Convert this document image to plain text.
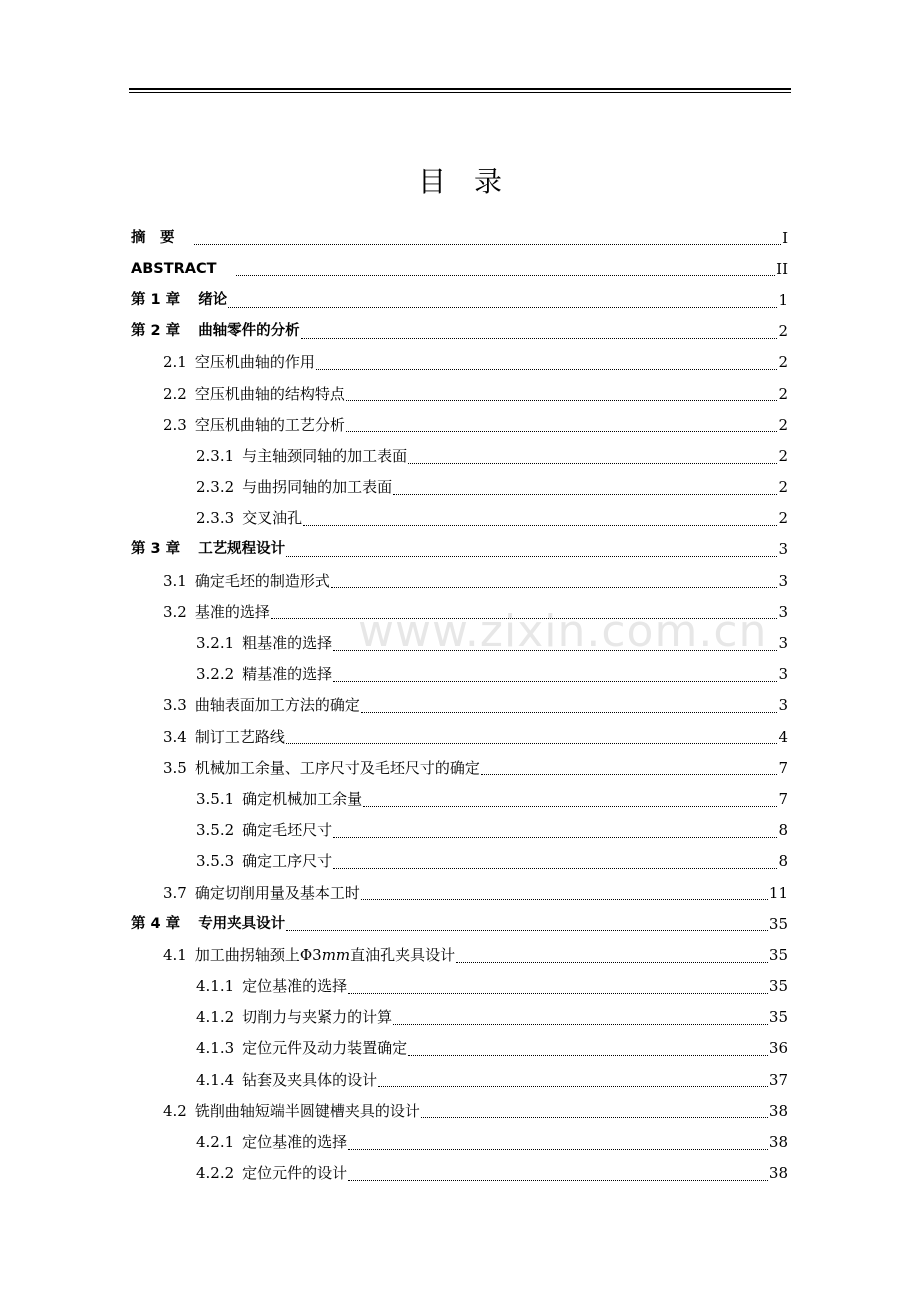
目 录
www.zixin.com.cn
摘　要	I
ABSTRACT	II
第 1 章	绪论	1
第 2 章	曲轴零件的分析	2
2.1 空压机曲轴的作用	2
2.2 空压机曲轴的结构特点	2
2.3 空压机曲轴的工艺分析	2
2.3.1 与主轴颈同轴的加工表面	2
2.3.2 与曲拐同轴的加工表面	2
2.3.3 交叉油孔	2
第 3 章	工艺规程设计	3
3.1 确定毛坯的制造形式	3
3.2 基准的选择	3
3.2.1 粗基准的选择	3
3.2.2 精基准的选择	3
3.3 曲轴表面加工方法的确定	3
3.4 制订工艺路线	4
3.5 机械加工余量、工序尺寸及毛坯尺寸的确定	7
3.5.1 确定机械加工余量	7
3.5.2 确定毛坯尺寸	8
3.5.3 确定工序尺寸	8
3.7 确定切削用量及基本工时	11
第 4 章	专用夹具设计	35
4.1 加工曲拐轴颈上Φ3mm直油孔夹具设计	35
4.1.1 定位基准的选择	35
4.1.2 切削力与夹紧力的计算	35
4.1.3 定位元件及动力装置确定	36
4.1.4 钻套及夹具体的设计	37
4.2 铣削曲轴短端半圆键槽夹具的设计	38
4.2.1 定位基准的选择	38
4.2.2 定位元件的设计	38
